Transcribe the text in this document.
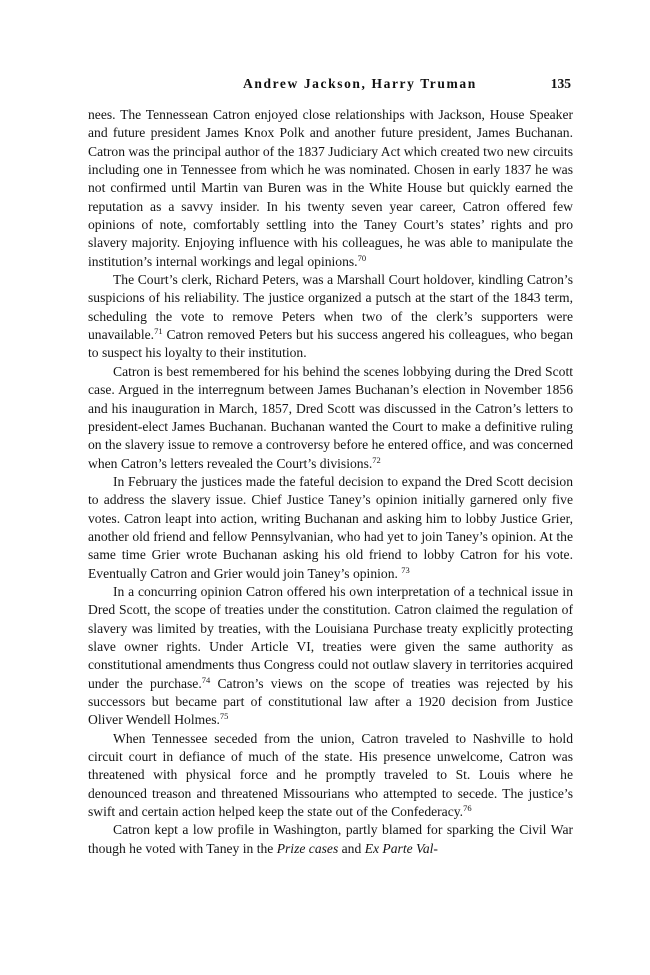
Andrew Jackson, Harry Truman	135

nees. The Tennessean Catron enjoyed close relationships with Jackson, House Speaker and future president James Knox Polk and another future president, James Buchanan. Catron was the principal author of the 1837 Judiciary Act which created two new circuits including one in Tennessee from which he was nominated. Chosen in early 1837 he was not confirmed until Martin van Buren was in the White House but quickly earned the reputation as a savvy insider. In his twenty seven year career, Catron offered few opinions of note, comfortably settling into the Taney Court’s states’ rights and pro slavery majority. Enjoying influence with his colleagues, he was able to manipulate the institution’s internal workings and legal opinions.$^{70}$

The Court’s clerk, Richard Peters, was a Marshall Court holdover, kindling Catron’s suspicions of his reliability. The justice organized a putsch at the start of the 1843 term, scheduling the vote to remove Peters when two of the clerk’s supporters were unavailable.$^{71}$ Catron removed Peters but his success angered his colleagues, who began to suspect his loyalty to their institution.

Catron is best remembered for his behind the scenes lobbying during the Dred Scott case. Argued in the interregnum between James Buchanan’s election in November 1856 and his inauguration in March, 1857, Dred Scott was discussed in the Catron’s letters to president-elect James Buchanan. Buchanan wanted the Court to make a definitive ruling on the slavery issue to remove a controversy before he entered office, and was concerned when Catron’s letters revealed the Court’s divisions.$^{72}$

In February the justices made the fateful decision to expand the Dred Scott decision to address the slavery issue. Chief Justice Taney’s opinion initially garnered only five votes. Catron leapt into action, writing Buchanan and asking him to lobby Justice Grier, another old friend and fellow Pennsylvanian, who had yet to join Taney’s opinion. At the same time Grier wrote Buchanan asking his old friend to lobby Catron for his vote. Eventually Catron and Grier would join Taney’s opinion. $^{73}$

In a concurring opinion Catron offered his own interpretation of a technical issue in Dred Scott, the scope of treaties under the constitution. Catron claimed the regulation of slavery was limited by treaties, with the Louisiana Purchase treaty explicitly protecting slave owner rights. Under Article VI, treaties were given the same authority as constitutional amendments thus Congress could not outlaw slavery in territories acquired under the purchase.$^{74}$ Catron’s views on the scope of treaties was rejected by his successors but became part of constitutional law after a 1920 decision from Justice Oliver Wendell Holmes.$^{75}$

When Tennessee seceded from the union, Catron traveled to Nashville to hold circuit court in defiance of much of the state. His presence unwelcome, Catron was threatened with physical force and he promptly traveled to St. Louis where he denounced treason and threatened Missourians who attempted to secede. The justice’s swift and certain action helped keep the state out of the Confederacy.$^{76}$

Catron kept a low profile in Washington, partly blamed for sparking the Civil War though he voted with Taney in the Prize cases and Ex Parte Val-
